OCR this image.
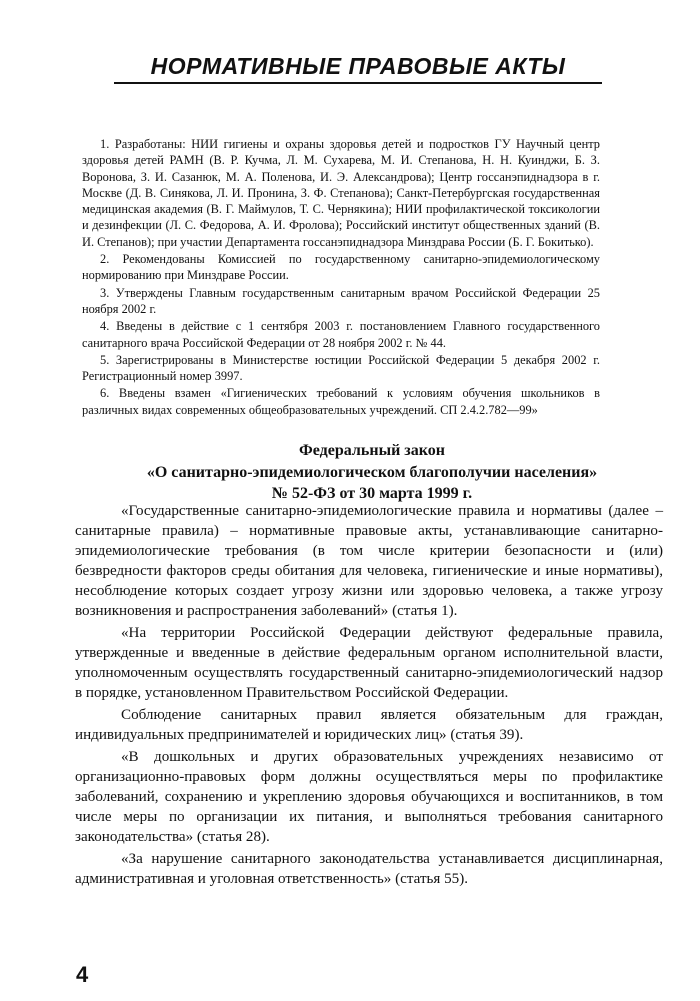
НОРМАТИВНЫЕ ПРАВОВЫЕ АКТЫ

1. Разработаны: НИИ гигиены и охраны здоровья детей и подростков ГУ Научный центр здоровья детей РАМН (В. Р. Кучма, Л. М. Сухарева, М. И. Степанова, Н. Н. Куинджи, Б. З. Воронова, З. И. Сазанюк, М. А. Поленова, И. Э. Александрова); Центр госсанэпиднадзора в г. Москве (Д. В. Синякова, Л. И. Пронина, З. Ф. Степанова); Санкт-Петербургская государственная медицинская академия (В. Г. Маймулов, Т. С. Чернякина); НИИ профилактической токсикологии и дезинфекции (Л. С. Федорова, А. И. Фролова); Российский институт общественных зданий (В. И. Степанов); при участии Департамента госсанэпиднадзора Минздрава России (Б. Г. Бокитько).

2. Рекомендованы Комиссией по государственному санитарно-эпидемиологическому нормированию при Минздраве России.

3. Утверждены Главным государственным санитарным врачом Российской Федерации 25 ноября 2002 г.

4. Введены в действие с 1 сентября 2003 г. постановлением Главного государственного санитарного врача Российской Федерации от 28 ноября 2002 г. № 44.

5. Зарегистрированы в Министерстве юстиции Российской Федерации 5 декабря 2002 г. Регистрационный номер 3997.

6. Введены взамен «Гигиенических требований к условиям обучения школьников в различных видах современных общеобразовательных учреждений. СП 2.4.2.782—99»

Федеральный закон
«О санитарно-эпидемиологическом благополучии населения»
№ 52-ФЗ от 30 марта 1999 г.

«Государственные санитарно-эпидемиологические правила и нормативы (далее – санитарные правила) – нормативные правовые акты, устанавливающие санитарно-эпидемиологические требования (в том числе критерии безопасности и (или) безвредности факторов среды обитания для человека, гигиенические и иные нормативы), несоблюдение которых создает угрозу жизни или здоровью человека, а также угрозу возникновения и распространения заболеваний» (статья 1).

«На территории Российской Федерации действуют федеральные правила, утвержденные и введенные в действие федеральным органом исполнительной власти, уполномоченным осуществлять государственный санитарно-эпидемиологический надзор в порядке, установленном Правительством Российской Федерации.

Соблюдение санитарных правил является обязательным для граждан, индивидуальных предпринимателей и юридических лиц» (статья 39).

«В дошкольных и других образовательных учреждениях независимо от организационно-правовых форм должны осуществляться меры по профилактике заболеваний, сохранению и укреплению здоровья обучающихся и воспитанников, в том числе меры по организации их питания, и выполняться требования санитарного законодательства» (статья 28).

«За нарушение санитарного законодательства устанавливается дисциплинарная, административная и уголовная ответственность» (статья 55).

4
